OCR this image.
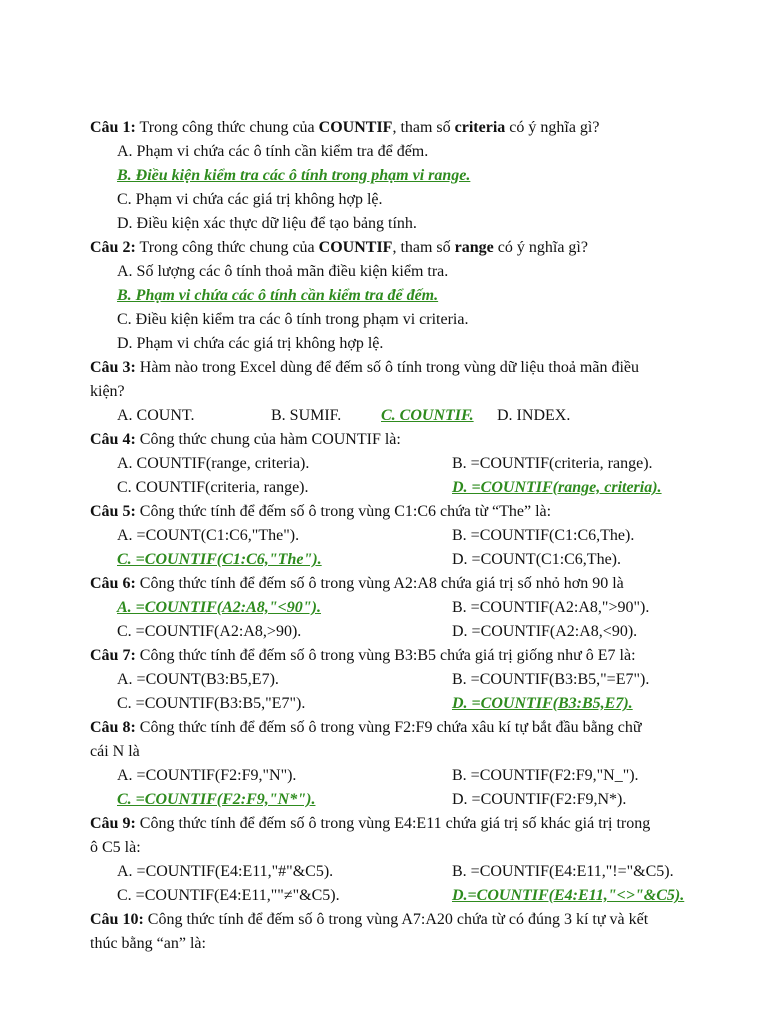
Câu 1: Trong công thức chung của COUNTIF, tham số criteria có ý nghĩa gì?
A. Phạm vi chứa các ô tính cần kiểm tra để đếm.
B. Điều kiện kiểm tra các ô tính trong phạm vi range.
C. Phạm vi chứa các giá trị không hợp lệ.
D. Điều kiện xác thực dữ liệu để tạo bảng tính.
Câu 2: Trong công thức chung của COUNTIF, tham số range có ý nghĩa gì?
A. Số lượng các ô tính thoả mãn điều kiện kiểm tra.
B. Phạm vi chứa các ô tính cần kiểm tra để đếm.
C. Điều kiện kiểm tra các ô tính trong phạm vi criteria.
D. Phạm vi chứa các giá trị không hợp lệ.
Câu 3: Hàm nào trong Excel dùng để đếm số ô tính trong vùng dữ liệu thoả mãn điều
kiện?
A. COUNT.	B. SUMIF. C. COUNTIF. D. INDEX.
Câu 4: Công thức chung của hàm COUNTIF là:
A. COUNTIF(range, criteria).	B. =COUNTIF(criteria, range).
C. COUNTIF(criteria, range).	D. =COUNTIF(range, criteria).
Câu 5: Công thức tính để đếm số ô trong vùng C1:C6 chứa từ “The” là:
A. =COUNT(C1:C6,"The").	B. =COUNTIF(C1:C6,The).
C. =COUNTIF(C1:C6,"The").	D. =COUNT(C1:C6,The).
Câu 6: Công thức tính để đếm số ô trong vùng A2:A8 chứa giá trị số nhỏ hơn 90 là
A. =COUNTIF(A2:A8,"<90").	B. =COUNTIF(A2:A8,">90").
C. =COUNTIF(A2:A8,>90).	D. =COUNTIF(A2:A8,<90).
Câu 7: Công thức tính để đếm số ô trong vùng B3:B5 chứa giá trị giống như ô E7 là:
A. =COUNT(B3:B5,E7).	B. =COUNTIF(B3:B5,"=E7").
C. =COUNTIF(B3:B5,"E7").	D. =COUNTIF(B3:B5,E7).
Câu 8: Công thức tính để đếm số ô trong vùng F2:F9 chứa xâu kí tự bắt đầu bằng chữ
cái N là
A. =COUNTIF(F2:F9,"N").	B. =COUNTIF(F2:F9,"N_").
C. =COUNTIF(F2:F9,"N*").	D. =COUNTIF(F2:F9,N*).
Câu 9: Công thức tính để đếm số ô trong vùng E4:E11 chứa giá trị số khác giá trị trong
ô C5 là:
A. =COUNTIF(E4:E11,"#"&C5).	B. =COUNTIF(E4:E11,"!="&C5).
C. =COUNTIF(E4:E11,""≠"&C5).	D.=COUNTIF(E4:E11,"<>"&C5).
Câu 10: Công thức tính để đếm số ô trong vùng A7:A20 chứa từ có đúng 3 kí tự và kết
thúc bằng “an” là:
